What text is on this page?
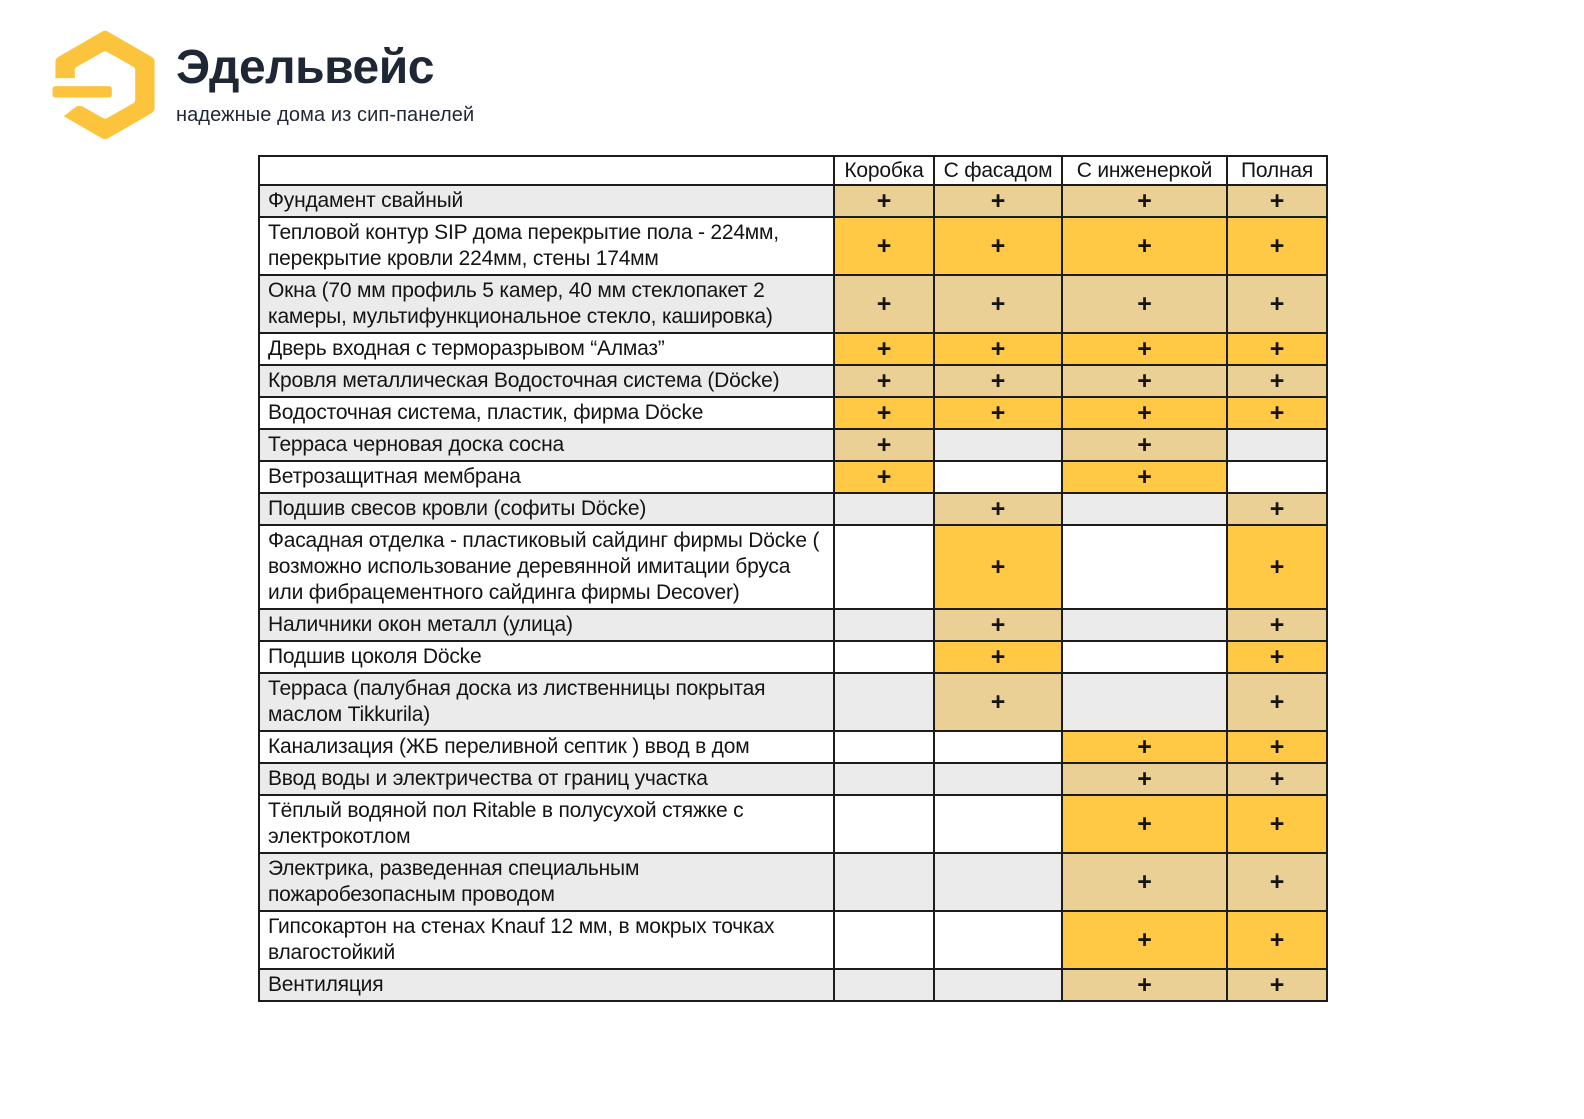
Эдельвейс
надежные дома из сип-панелей
	Коробка	С фасадом	С инженеркой	Полная
Фундамент свайный	+	+	+	+
Тепловой контур SIP дома перекрытие пола - 224мм, перекрытие кровли 224мм, стены 174мм	+	+	+	+
Окна (70 мм профиль 5 камер, 40 мм стеклопакет 2 камеры, мультифункциональное стекло, кашировка)	+	+	+	+
Дверь входная с терморазрывом “Алмаз”	+	+	+	+
Кровля металлическая Водосточная система (Döcke)	+	+	+	+
Водосточная система, пластик, фирма Döcke	+	+	+	+
Терраса черновая доска сосна	+		+	
Ветрозащитная мембрана	+		+	
Подшив свесов кровли (софиты Döcke)		+		+
Фасадная отделка - пластиковый сайдинг фирмы Döcke ( возможно использование деревянной имитации бруса или фибрацементного сайдинга фирмы Decover)		+		+
Наличники окон металл (улица)		+		+
Подшив цоколя Döcke		+		+
Терраса (палубная доска из лиственницы покрытая маслом Tikkurila)		+		+
Канализация (ЖБ переливной септик ) ввод в дом			+	+
Ввод воды и электричества от границ участка			+	+
Тёплый водяной пол Ritable в полусухой стяжке с электрокотлом			+	+
Электрика, разведенная специальным пожаробезопасным проводом			+	+
Гипсокартон на стенах Knauf 12 мм, в мокрых точках влагостойкий			+	+
Вентиляция			+	+
